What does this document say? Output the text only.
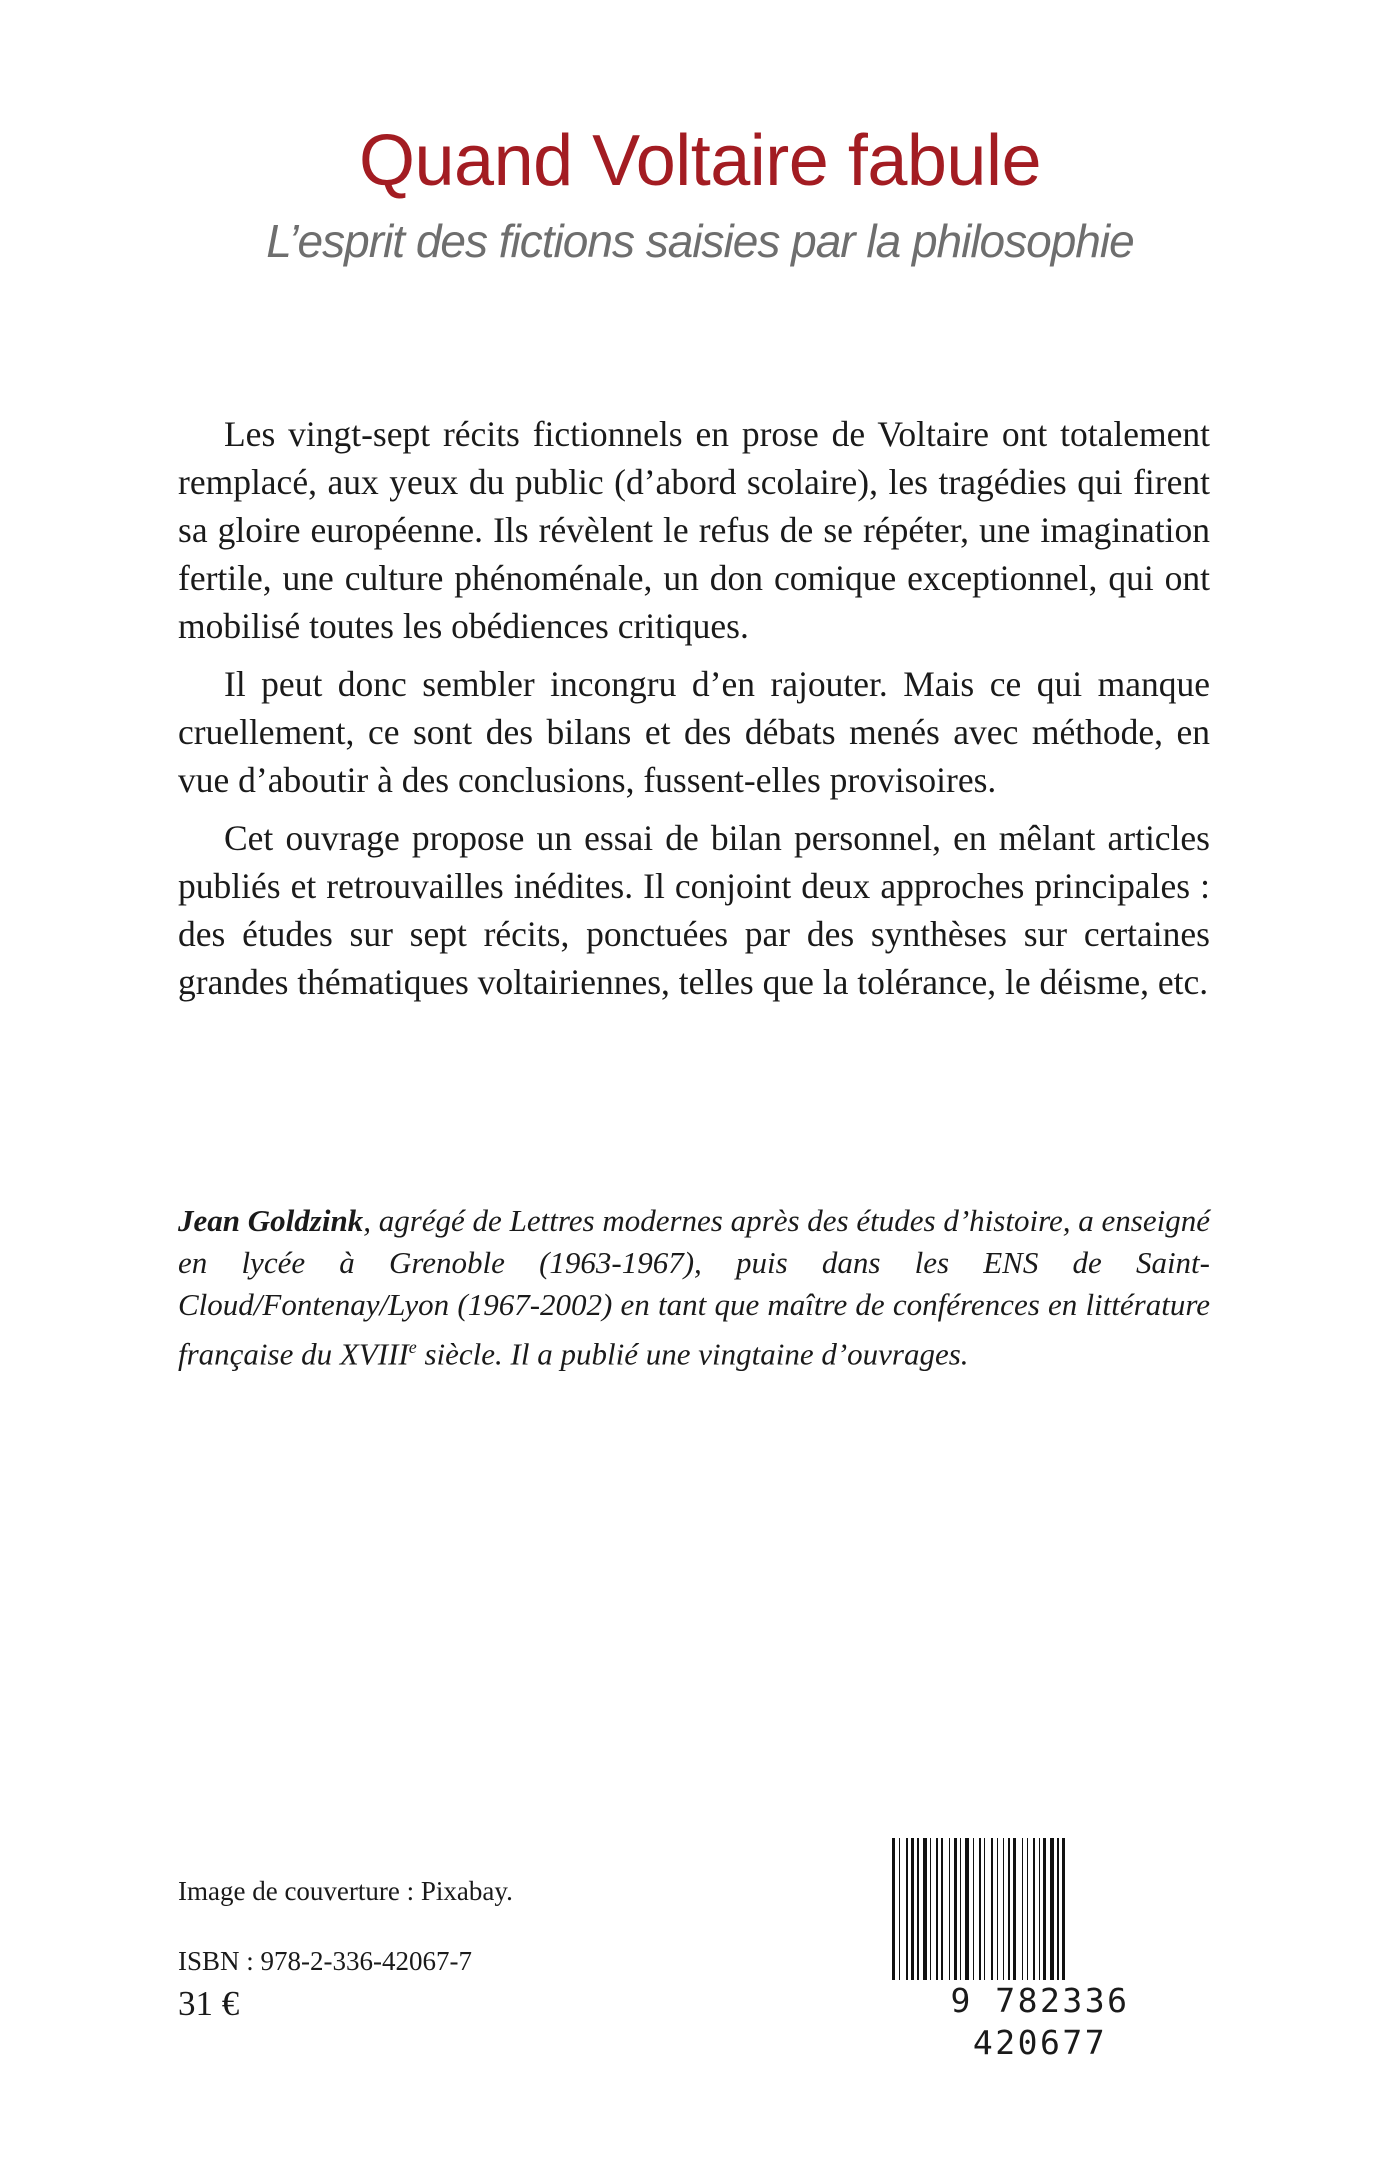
Quand Voltaire fabule
L’esprit des fictions saisies par la philosophie

Les vingt-sept récits fictionnels en prose de Voltaire ont totalement remplacé, aux yeux du public (d’abord scolaire), les tragédies qui firent sa gloire européenne. Ils révèlent le refus de se répéter, une imagination fertile, une culture phénoménale, un don comique exceptionnel, qui ont mobilisé toutes les obédiences critiques.

Il peut donc sembler incongru d’en rajouter. Mais ce qui manque cruellement, ce sont des bilans et des débats menés avec méthode, en vue d’aboutir à des conclusions, fussent-elles provisoires.

Cet ouvrage propose un essai de bilan personnel, en mêlant articles publiés et retrouvailles inédites. Il conjoint deux approches principales : des études sur sept récits, ponctuées par des synthèses sur certaines grandes thématiques voltairiennes, telles que la tolérance, le déisme, etc.

Jean Goldzink, agrégé de Lettres modernes après des études d’histoire, a enseigné en lycée à Grenoble (1963-1967), puis dans les ENS de Saint-Cloud/Fontenay/Lyon (1967-2002) en tant que maître de conférences en littérature française du XVIIIe siècle. Il a publié une vingtaine d’ouvrages.

Image de couverture : Pixabay.
ISBN : 978-2-336-42067-7
31 €	9 782336 420677
